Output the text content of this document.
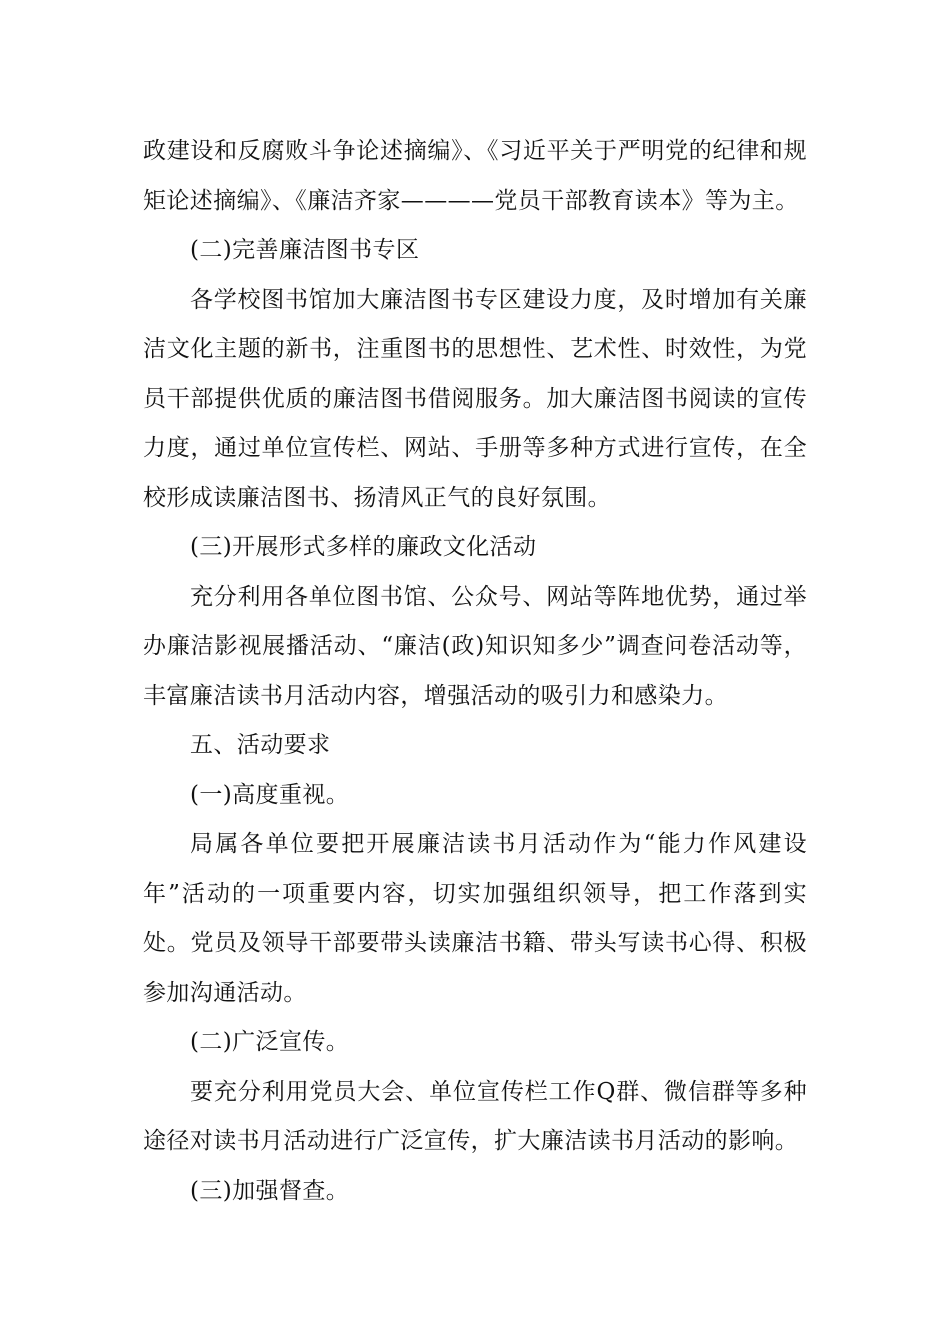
政建设和反腐败斗争论述摘编》、《习近平关于严明党的纪律和规矩论述摘编》、《廉洁齐家————党员干部教育读本》等为主。

(二)完善廉洁图书专区

各学校图书馆加大廉洁图书专区建设力度，及时增加有关廉洁文化主题的新书，注重图书的思想性、艺术性、时效性，为党员干部提供优质的廉洁图书借阅服务。加大廉洁图书阅读的宣传力度，通过单位宣传栏、网站、手册等多种方式进行宣传，在全校形成读廉洁图书、扬清风正气的良好氛围。

(三)开展形式多样的廉政文化活动

充分利用各单位图书馆、公众号、网站等阵地优势，通过举办廉洁影视展播活动、“廉洁(政)知识知多少”调查问卷活动等，丰富廉洁读书月活动内容，增强活动的吸引力和感染力。

五、活动要求

(一)高度重视。

局属各单位要把开展廉洁读书月活动作为“能力作风建设年”活动的一项重要内容，切实加强组织领导，把工作落到实处。党员及领导干部要带头读廉洁书籍、带头写读书心得、积极参加沟通活动。

(二)广泛宣传。

要充分利用党员大会、单位宣传栏工作Q群、微信群等多种途径对读书月活动进行广泛宣传，扩大廉洁读书月活动的影响。

(三)加强督查。
